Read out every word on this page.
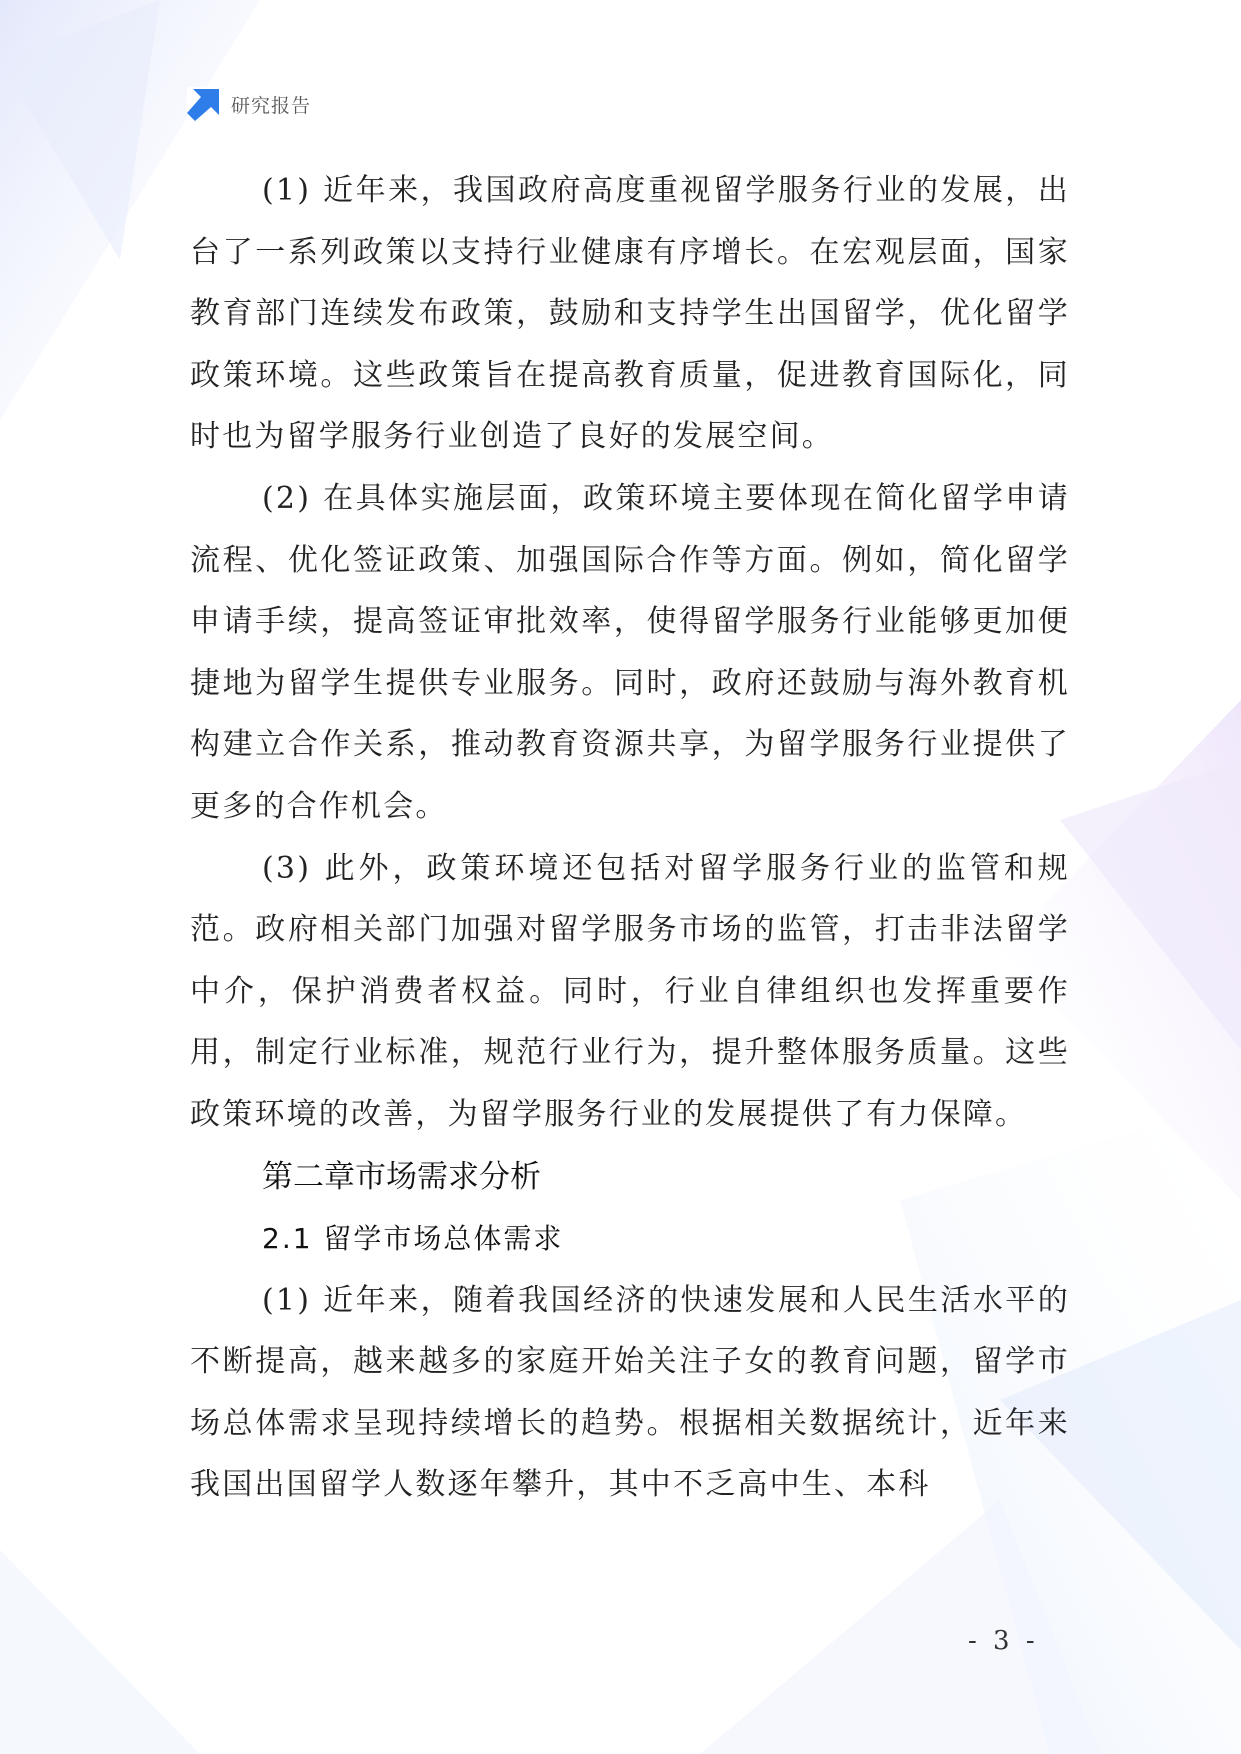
研究报告

(1) 近年来，我国政府高度重视留学服务行业的发展，出台了一系列政策以支持行业健康有序增长。在宏观层面，国家教育部门连续发布政策，鼓励和支持学生出国留学，优化留学政策环境。这些政策旨在提高教育质量，促进教育国际化，同时也为留学服务行业创造了良好的发展空间。

(2) 在具体实施层面，政策环境主要体现在简化留学申请流程、优化签证政策、加强国际合作等方面。例如，简化留学申请手续，提高签证审批效率，使得留学服务行业能够更加便捷地为留学生提供专业服务。同时，政府还鼓励与海外教育机构建立合作关系，推动教育资源共享，为留学服务行业提供了更多的合作机会。

(3) 此外，政策环境还包括对留学服务行业的监管和规范。政府相关部门加强对留学服务市场的监管，打击非法留学中介，保护消费者权益。同时，行业自律组织也发挥重要作用，制定行业标准，规范行业行为，提升整体服务质量。这些政策环境的改善，为留学服务行业的发展提供了有力保障。

第二章市场需求分析
2.1 留学市场总体需求

(1) 近年来，随着我国经济的快速发展和人民生活水平的不断提高，越来越多的家庭开始关注子女的教育问题，留学市场总体需求呈现持续增长的趋势。根据相关数据统计，近年来我国出国留学人数逐年攀升，其中不乏高中生、本科

- 3 -
